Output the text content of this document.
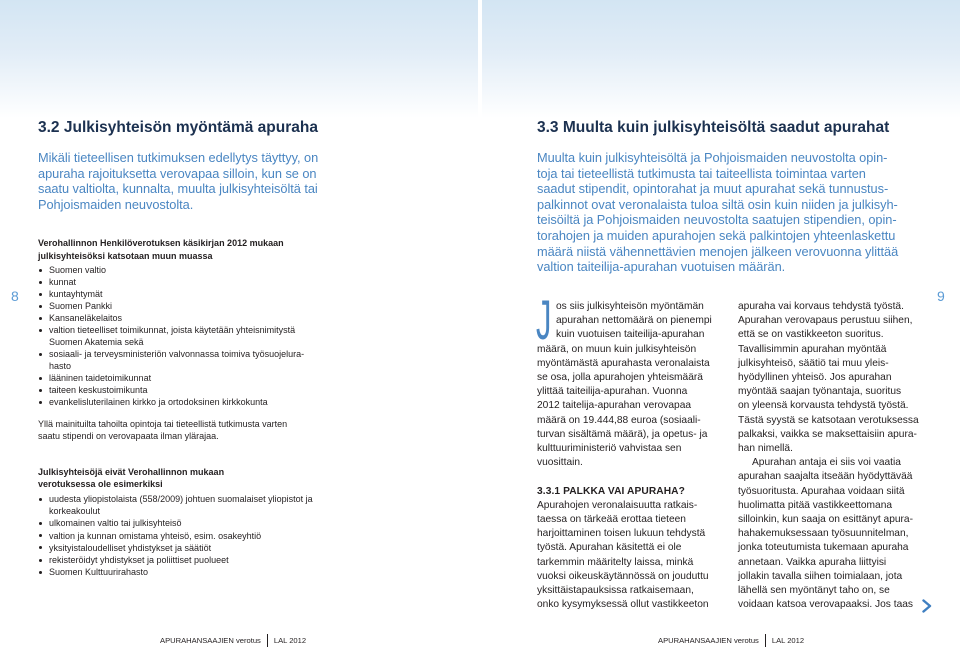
8
3.2 Julkisyhteisön myöntämä apuraha
Mikäli tieteellisen tutkimuksen edellytys täyttyy, on
apuraha rajoituksetta verovapaa silloin, kun se on
saatu valtiolta, kunnalta, muulta julkisyhteisöltä tai
Pohjoismaiden neuvostolta.
Verohallinnon Henkilöverotuksen käsikirjan 2012 mukaan
julkisyhteisöksi katsotaan muun muassa
Suomen valtio
kunnat
kuntayhtymät
Suomen Pankki
Kansaneläkelaitos
valtion tieteelliset toimikunnat, joista käytetään yhteisnimitystä
Suomen Akatemia sekä
sosiaali- ja terveysministeriön valvonnassa toimiva työsuojelura-
hasto
lääninen taidetoimikunnat
taiteen keskustoimikunta
evankelisluterilainen kirkko ja ortodoksinen kirkkokunta
Yllä mainituilta tahoilta opintoja tai tieteellistä tutkimusta varten
saatu stipendi on verovapaata ilman ylärajaa.
Julkisyhteisöjä eivät Verohallinnon mukaan
verotuksessa ole esimerkiksi
uudesta yliopistolaista (558/2009) johtuen suomalaiset yliopistot ja
korkeakoulut
ulkomainen valtio tai julkisyhteisö
valtion ja kunnan omistama yhteisö, esim. osakeyhtiö
yksityistaloudelliset yhdistykset ja säätiöt
rekisteröidyt yhdistykset ja poliittiset puolueet
Suomen Kulttuurirahasto
APURAHANSAAJIEN verotus LAL 2012
9
3.3 Muulta kuin julkisyhteisöltä saadut apurahat
Muulta kuin julkisyhteisöltä ja Pohjoismaiden neuvostolta opin-
toja tai tieteellistä tutkimusta tai taiteellista toimintaa varten
saadut stipendit, opintorahat ja muut apurahat sekä tunnustus-
palkinnot ovat veronalaista tuloa siltä osin kuin niiden ja julkisyh-
teisöiltä ja Pohjoismaiden neuvostolta saatujen stipendien, opin-
torahojen ja muiden apurahojen sekä palkintojen yhteenlaskettu
määrä niistä vähennettävien menojen jälkeen verovuonna ylittää
valtion taiteilija-apurahan vuotuisen määrän.
J os siis julkisyhteisön myöntämän
apurahan nettomäärä on pienempi
kuin vuotuisen taiteilija-apurahan
määrä, on muun kuin julkisyhteisön
myöntämästä apurahasta veronalaista
se osa, jolla apurahojen yhteismäärä
ylittää taiteilija-apurahan. Vuonna
2012 taitelija-apurahan verovapaa
määrä on 19.444,88 euroa (sosiaali-
turvan sisältämä määrä), ja opetus- ja
kulttuuriministeriö vahvistaa sen
vuosittain.
3.3.1 PALKKA VAI APURAHA?
Apurahojen veronalaisuutta ratkais-
taessa on tärkeää erottaa tieteen
harjoittaminen toisen lukuun tehdystä
työstä. Apurahan käsitettä ei ole
tarkemmin määritelty laissa, minkä
vuoksi oikeuskäytännössä on jouduttu
yksittäistapauksissa ratkaisemaan,
onko kysymyksessä ollut vastikkeeton
apuraha vai korvaus tehdystä työstä.
Apurahan verovapaus perustuu siihen,
että se on vastikkeeton suoritus.
Tavallisimmin apurahan myöntää
julkisyhteisö, säätiö tai muu yleis-
hyödyllinen yhteisö. Jos apurahan
myöntää saajan työnantaja, suoritus
on yleensä korvausta tehdystä työstä.
Tästä syystä se katsotaan verotuksessa
palkaksi, vaikka se maksettaisiin apura-
han nimellä.
Apurahan antaja ei siis voi vaatia
apurahan saajalta itseään hyödyttävää
työsuoritusta. Apurahaa voidaan siitä
huolimatta pitää vastikkeettomana
silloinkin, kun saaja on esittänyt apura-
hahakemuksessaan työsuunnitelman,
jonka toteutumista tukemaan apuraha
annetaan. Vaikka apuraha liittyisi
jollakin tavalla siihen toimialaan, jota
lähellä sen myöntänyt taho on, se
voidaan katsoa verovapaaksi. Jos taas
APURAHANSAAJIEN verotus LAL 2012
